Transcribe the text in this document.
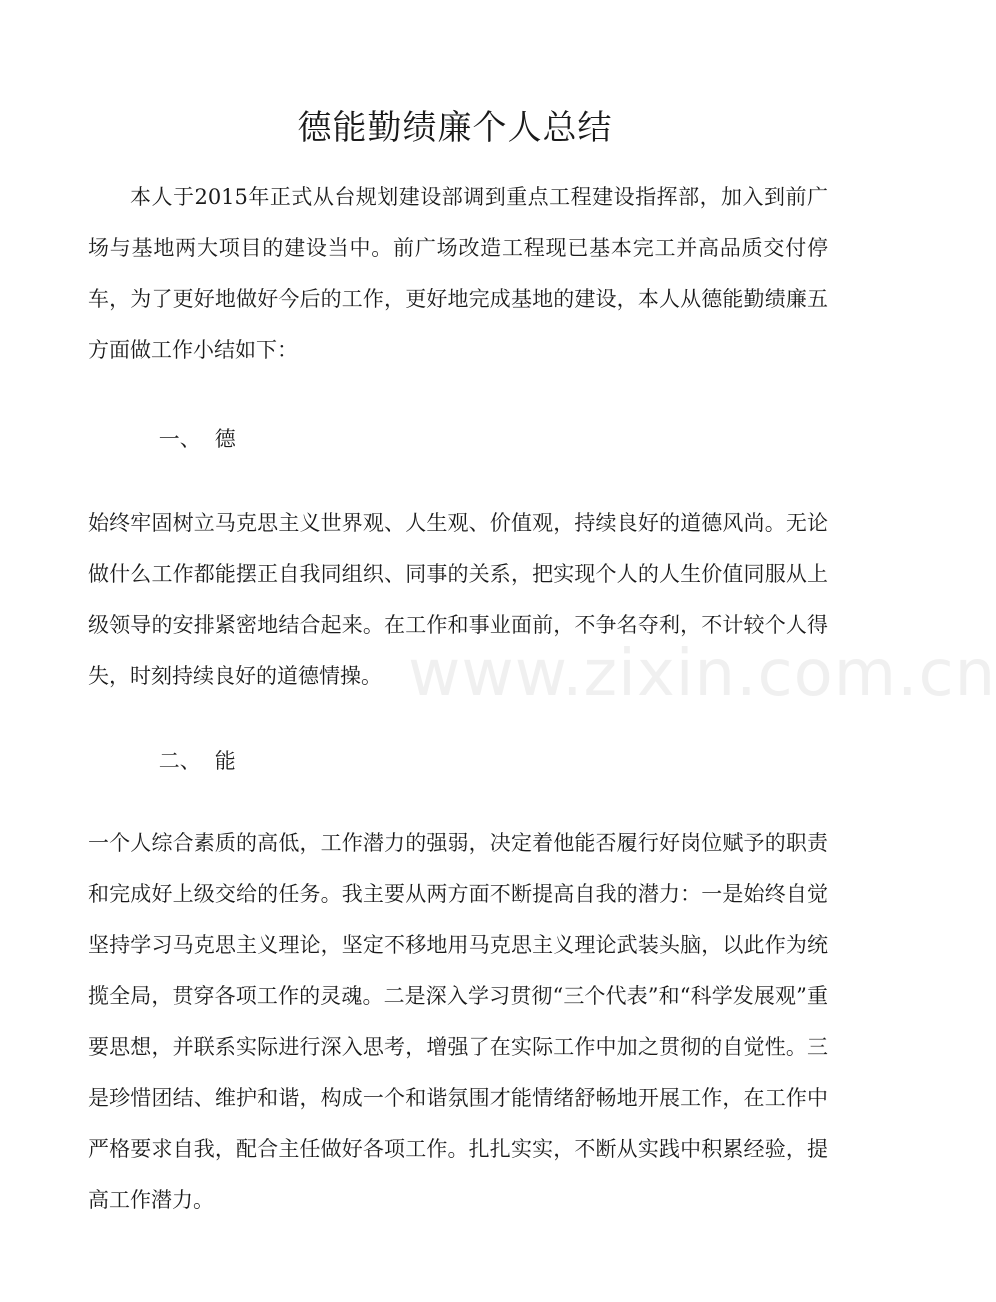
德能勤绩廉个人总结

本人于2015年正式从台规划建设部调到重点工程建设指挥部，加入到前广场与基地两大项目的建设当中。前广场改造工程现已基本完工并高品质交付停车，为了更好地做好今后的工作，更好地完成基地的建设，本人从德能勤绩廉五方面做工作小结如下：

一、 德

始终牢固树立马克思主义世界观、人生观、价值观，持续良好的道德风尚。无论做什么工作都能摆正自我同组织、同事的关系，把实现个人的人生价值同服从上级领导的安排紧密地结合起来。在工作和事业面前，不争名夺利，不计较个人得失，时刻持续良好的道德情操。

二、 能

一个人综合素质的高低，工作潜力的强弱，决定着他能否履行好岗位赋予的职责和完成好上级交给的任务。我主要从两方面不断提高自我的潜力：一是始终自觉坚持学习马克思主义理论，坚定不移地用马克思主义理论武装头脑，以此作为统揽全局，贯穿各项工作的灵魂。二是深入学习贯彻“三个代表”和“科学发展观”重要思想，并联系实际进行深入思考，增强了在实际工作中加之贯彻的自觉性。三是珍惜团结、维护和谐，构成一个和谐氛围才能情绪舒畅地开展工作，在工作中严格要求自我，配合主任做好各项工作。扎扎实实，不断从实践中积累经验，提高工作潜力。

www.zixin.com.cn
